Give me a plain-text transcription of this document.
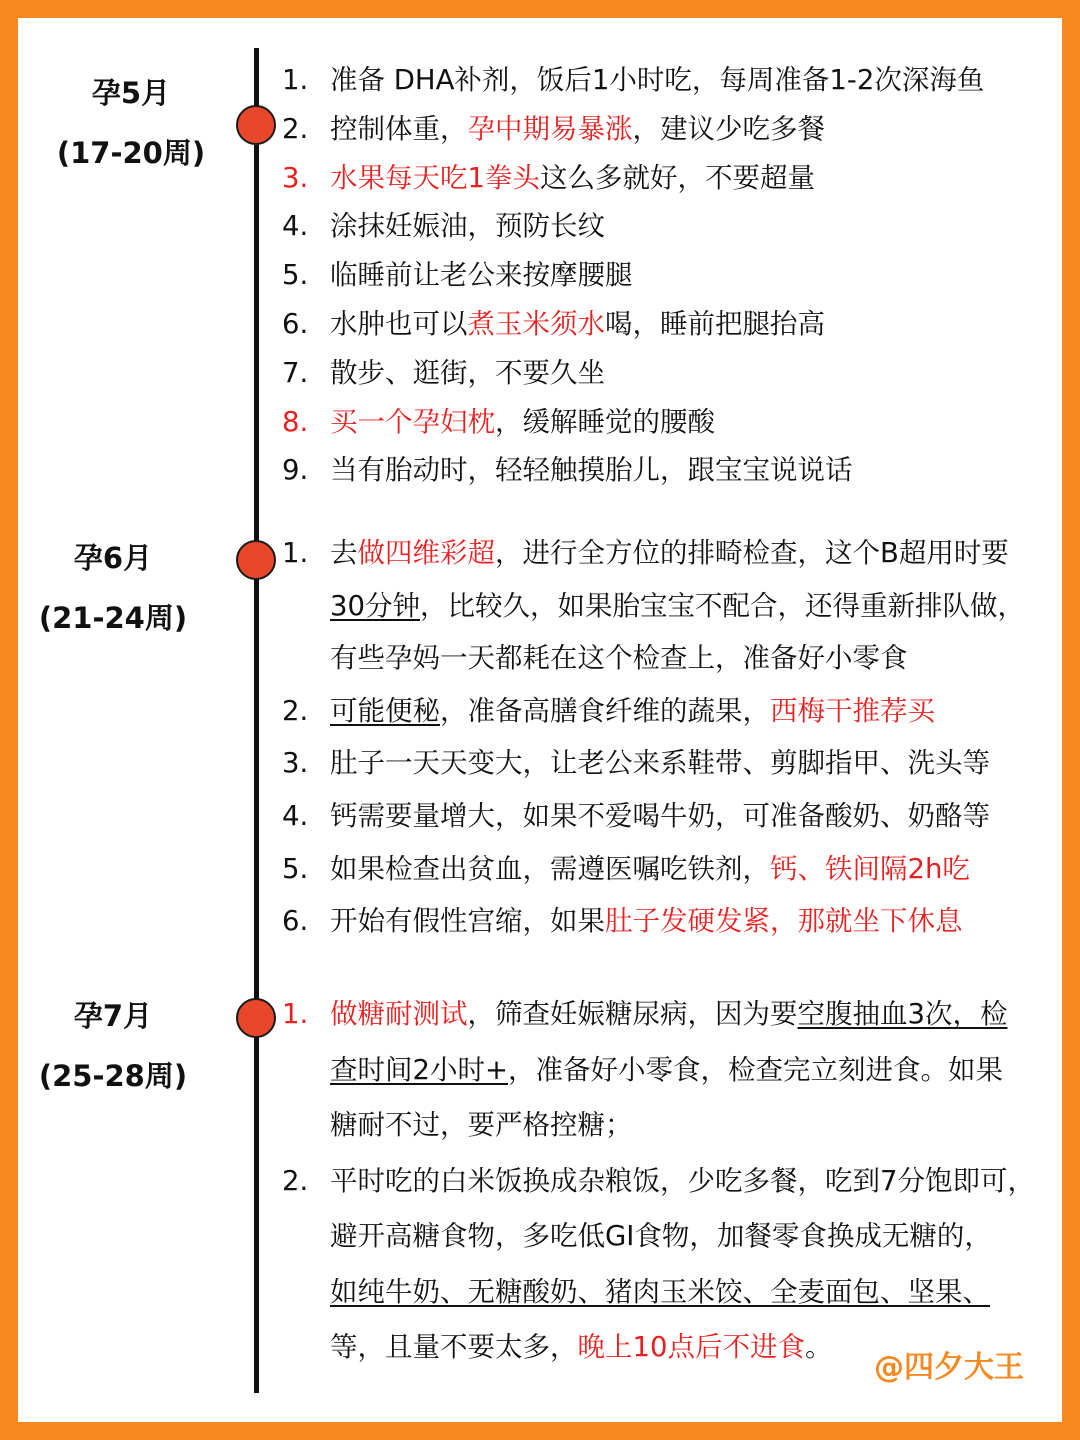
孕5月
(17-20周)
1. 准备 DHA补剂，饭后1小时吃，每周准备1-2次深海鱼
2. 控制体重，孕中期易暴涨，建议少吃多餐
3. 水果每天吃1拳头这么多就好，不要超量
4. 涂抹妊娠油，预防长纹
5. 临睡前让老公来按摩腰腿
6. 水肿也可以煮玉米须水喝，睡前把腿抬高
7. 散步、逛街，不要久坐
8. 买一个孕妇枕，缓解睡觉的腰酸
9. 当有胎动时，轻轻触摸胎儿，跟宝宝说说话
孕6月
(21-24周)
1. 去做四维彩超，进行全方位的排畸检查，这个B超用时要
30分钟，比较久，如果胎宝宝不配合，还得重新排队做，
有些孕妈一天都耗在这个检查上，准备好小零食
2. 可能便秘，准备高膳食纤维的蔬果，西梅干推荐买
3. 肚子一天天变大，让老公来系鞋带、剪脚指甲、洗头等
4. 钙需要量增大，如果不爱喝牛奶，可准备酸奶、奶酪等
5. 如果检查出贫血，需遵医嘱吃铁剂，钙、铁间隔2h吃
6. 开始有假性宫缩，如果肚子发硬发紧，那就坐下休息
孕7月
(25-28周)
1. 做糖耐测试，筛查妊娠糖尿病，因为要空腹抽血3次，检
查时间2小时+，准备好小零食，检查完立刻进食。如果
糖耐不过，要严格控糖；
2. 平时吃的白米饭换成杂粮饭，少吃多餐，吃到7分饱即可，
避开高糖食物，多吃低GI食物，加餐零食换成无糖的，
如纯牛奶、无糖酸奶、猪肉玉米饺、全麦面包、坚果、
等，且量不要太多，晚上10点后不进食。
@四夕大王
